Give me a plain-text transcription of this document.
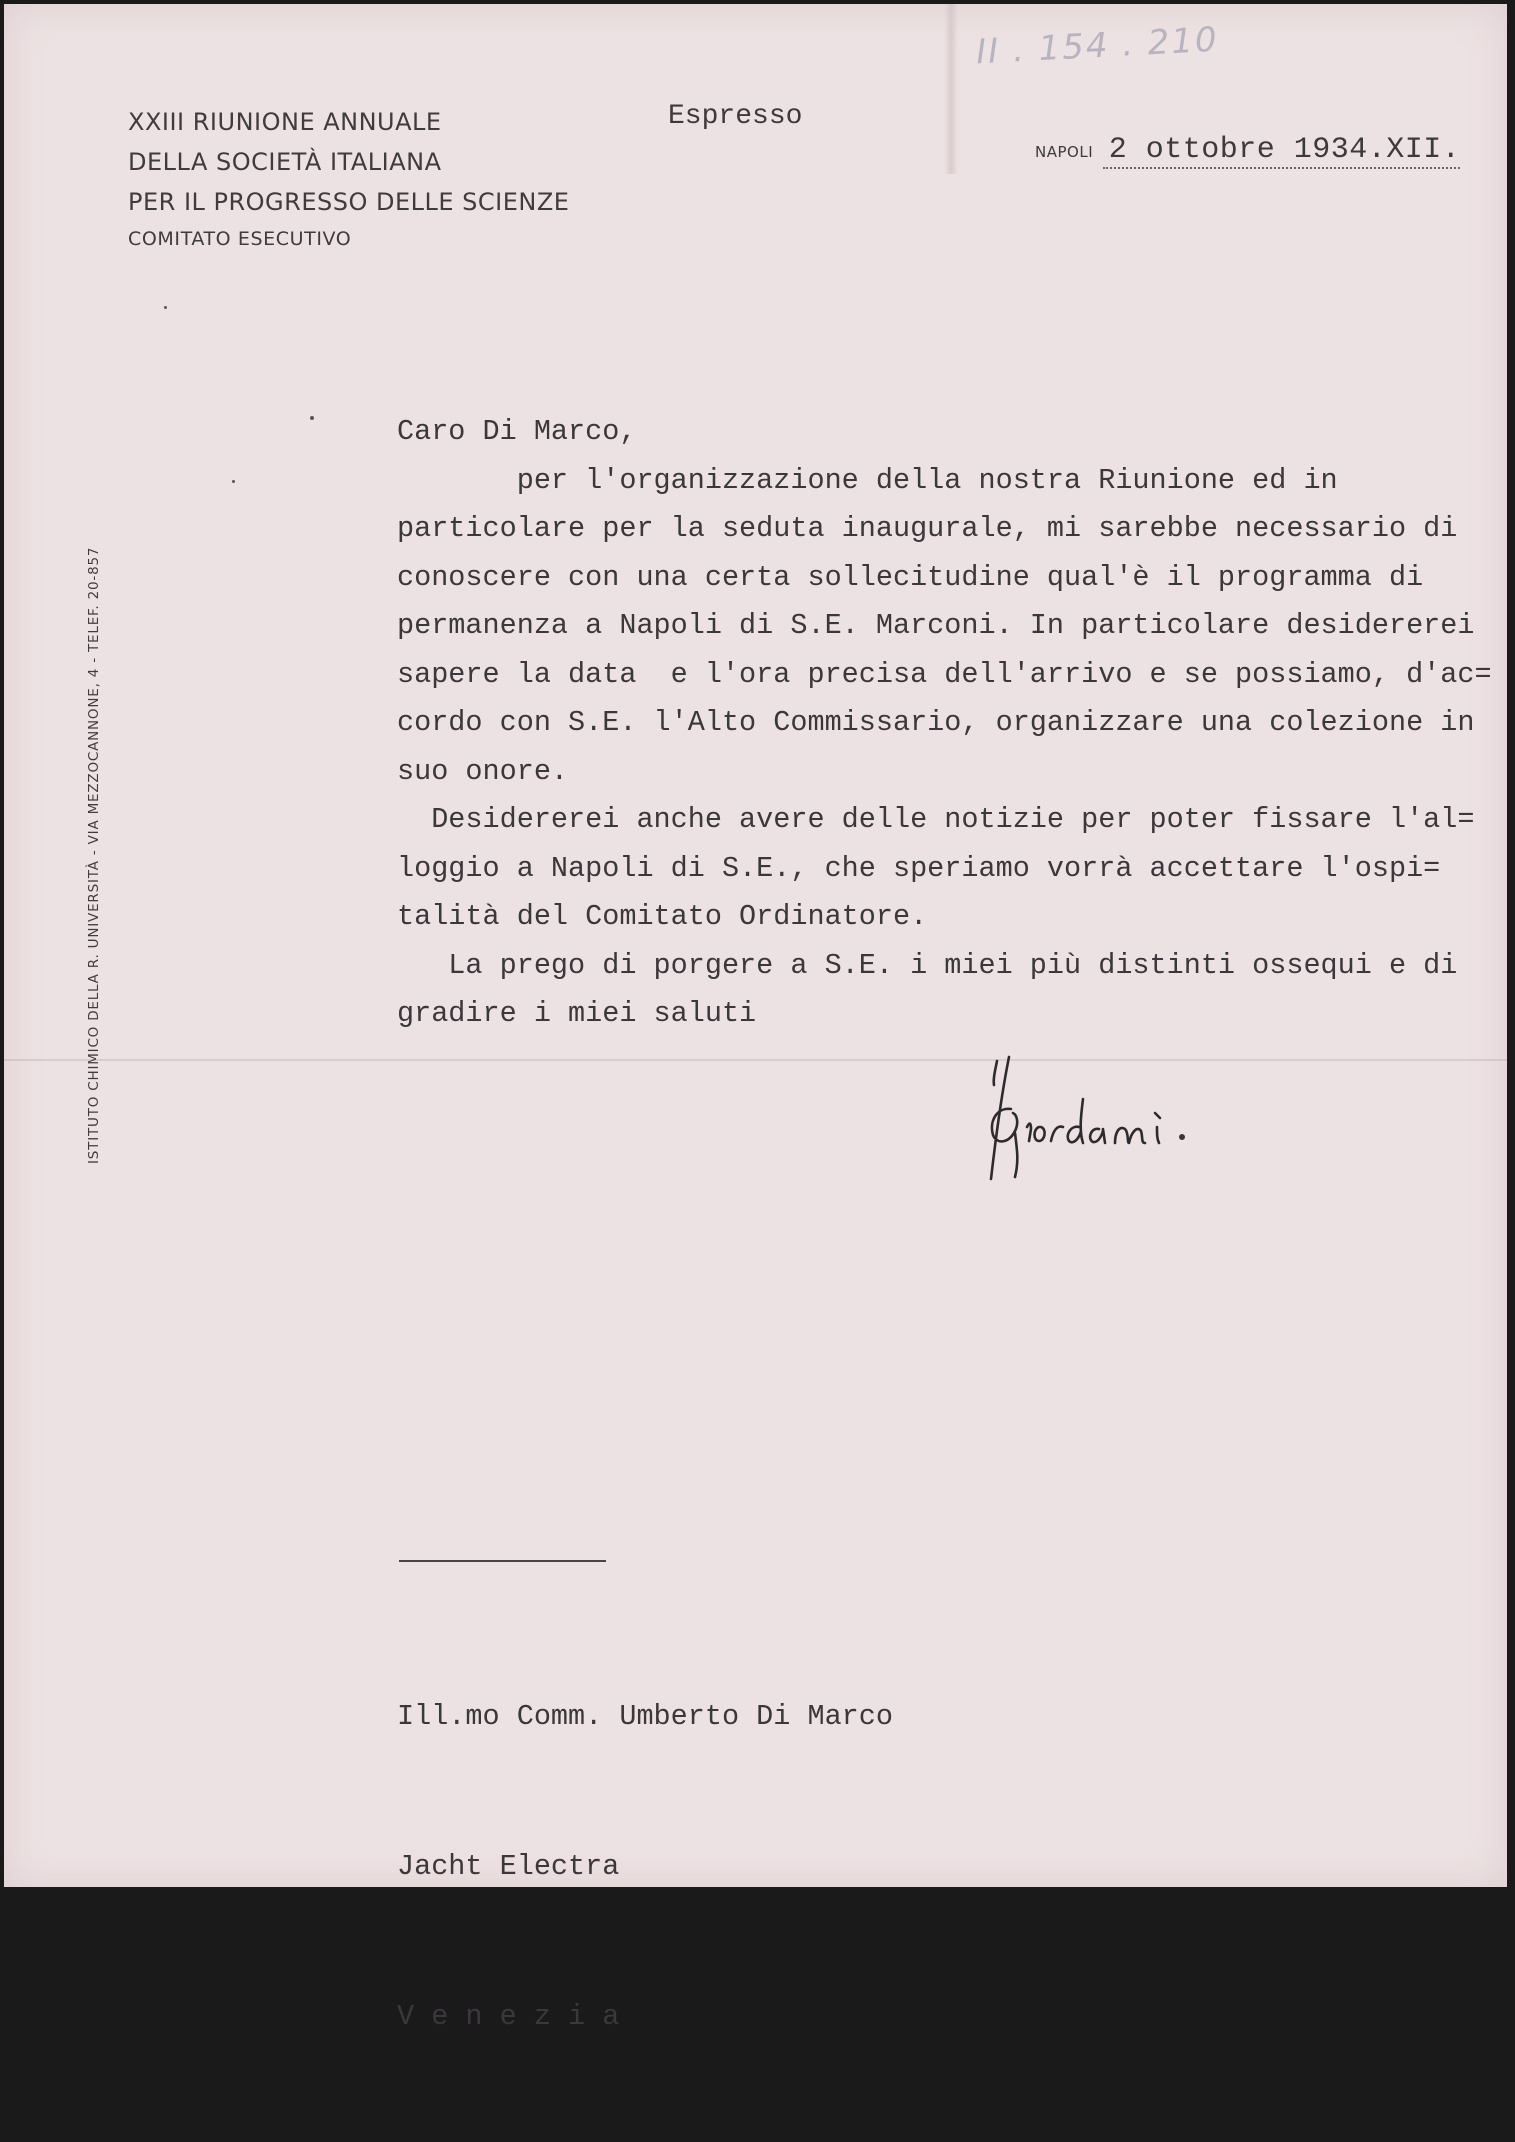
II . 154 . 210
XXIII RIUNIONE ANNUALE
DELLA SOCIETÀ ITALIANA
PER IL PROGRESSO DELLE SCIENZE
COMITATO ESECUTIVO
Espresso
NAPOLI 2 ottobre 1934.XII.
ISTITUTO CHIMICO DELLA R. UNIVERSITÀ - VIA MEZZOCANNONE, 4 - TELEF. 20-857
Caro Di Marco,
per l'organizzazione della nostra Riunione ed in
particolare per la seduta inaugurale, mi sarebbe necessario di
conoscere con una certa sollecitudine qual'è il programma di
permanenza a Napoli di S.E. Marconi. In particolare desidererei
sapere la data  e l'ora precisa dell'arrivo e se possiamo, d'ac=
cordo con S.E. l'Alto Commissario, organizzare una colezione in
suo onore.
Desidererei anche avere delle notizie per poter fissare l'al=
loggio a Napoli di S.E., che speriamo vorrà accettare l'ospi=
talità del Comitato Ordinatore.
La prego di porgere a S.E. i miei più distinti ossequi e di
gradire i miei saluti

Ill.mo Comm. Umberto Di Marco

Jacht Electra

V e n e z i a
